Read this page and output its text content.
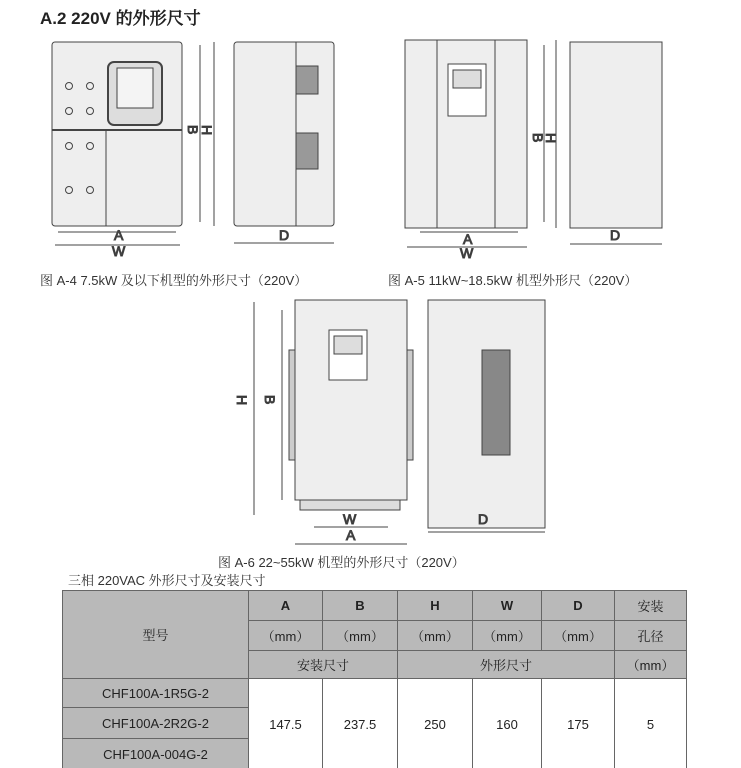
A.2 220V 的外形尺寸
A
W
B
H
D	A
W
B
H
D
W
A
H B
D
图 A-4 7.5kW 及以下机型的外形尺寸（220V）	图 A-5 11kW~18.5kW 机型外形尺（220V）
图 A-6 22~55kW 机型的外形尺寸（220V）
三相 220VAC 外形尺寸及安装尺寸
型号	A	B	H	W	D	安装
	（mm）	（mm）	（mm）	（mm）	（mm）	孔径
	安装尺寸		外形尺寸			（mm）
CHF100A-1R5G-2	147.5	237.5	250	160	175	5
CHF100A-2R2G-2						
CHF100A-004G-2						
